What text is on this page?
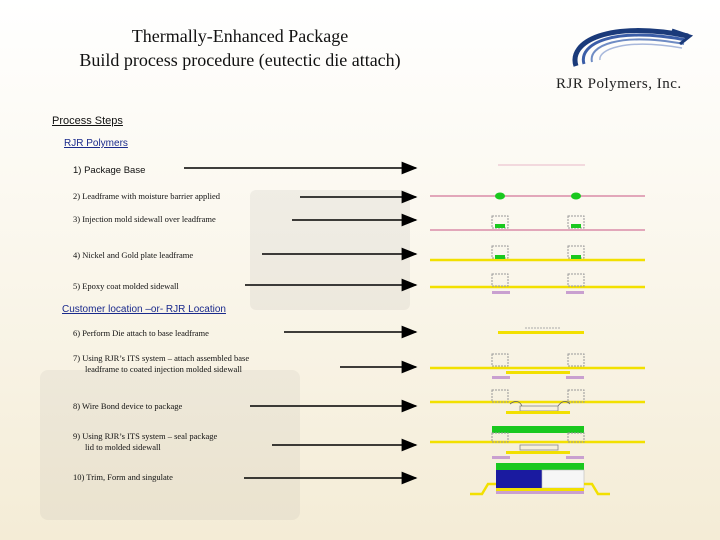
Thermally-Enhanced Package
Build process procedure (eutectic die attach)
RJR Polymers, Inc.
Process Steps
RJR Polymers
Customer location –or- RJR Location
1) Package Base
2) Leadframe with moisture barrier applied
3) Injection mold sidewall over leadframe
4) Nickel and Gold plate leadframe
5) Epoxy coat molded sidewall
6) Perform Die attach to base leadframe
7) Using RJR’s ITS system – attach assembled base
leadframe to coated injection molded sidewall
8) Wire Bond device to package
9) Using RJR’s ITS system – seal package
lid to molded sidewall
10) Trim, Form and singulate
